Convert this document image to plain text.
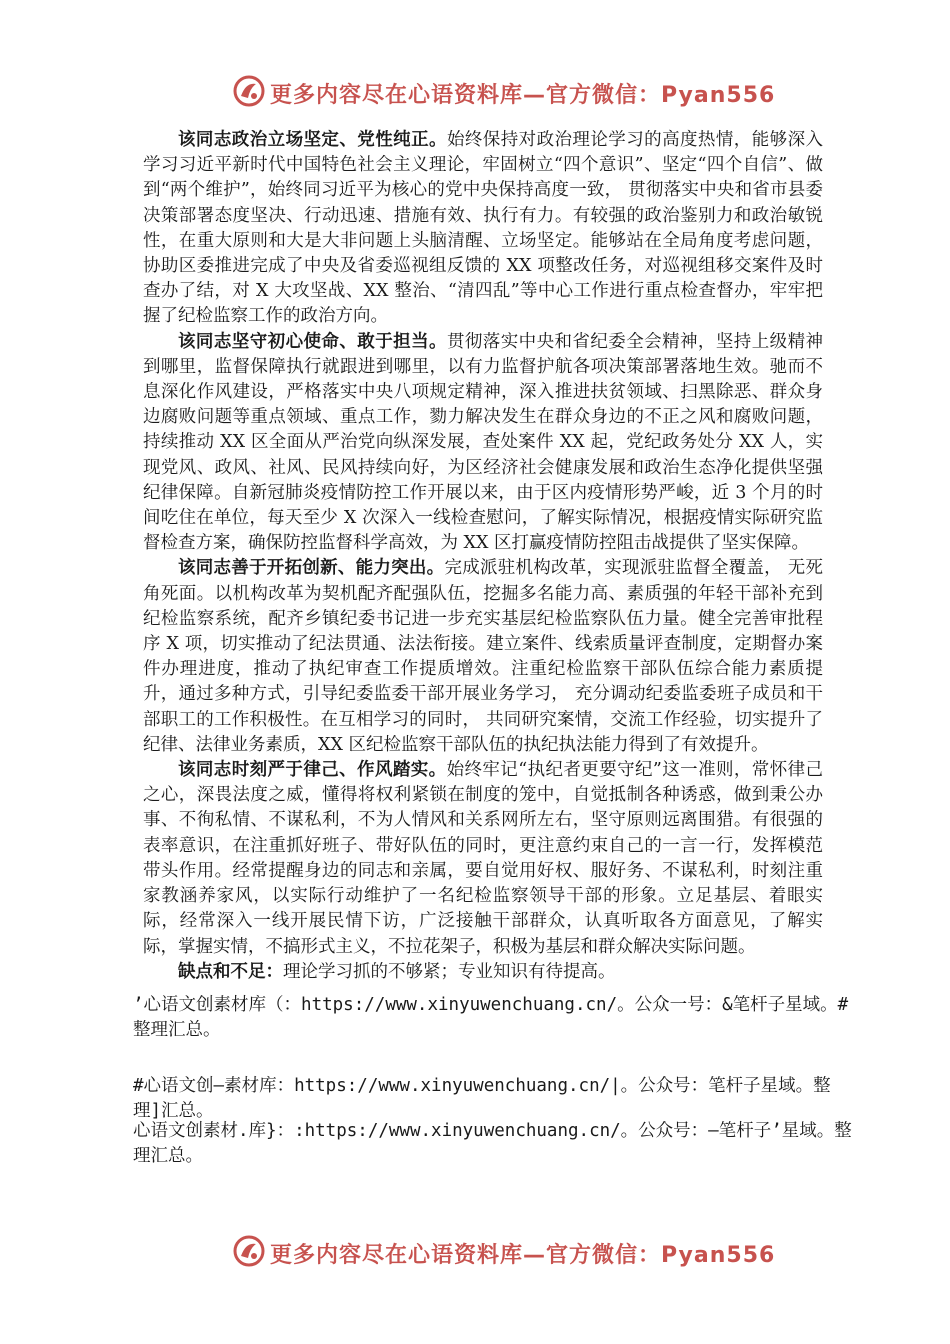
更多内容尽在心语资料库—官方微信：Pyan556

该同志政治立场坚定、党性纯正。始终保持对政治理论学习的高度热情，能够深入学习习近平新时代中国特色社会主义理论，牢固树立“四个意识”、坚定“四个自信”、做到“两个维护”，始终同习近平为核心的党中央保持高度一致， 贯彻落实中央和省市县委决策部署态度坚决、行动迅速、措施有效、执行有力。有较强的政治鉴别力和政治敏锐性，在重大原则和大是大非问题上头脑清醒、立场坚定。能够站在全局角度考虑问题，协助区委推进完成了中央及省委巡视组反馈的 XX 项整改任务，对巡视组移交案件及时查办了结，对 X 大攻坚战、XX 整治、“清四乱”等中心工作进行重点检查督办，牢牢把握了纪检监察工作的政治方向。

该同志坚守初心使命、敢于担当。贯彻落实中央和省纪委全会精神，坚持上级精神到哪里，监督保障执行就跟进到哪里，以有力监督护航各项决策部署落地生效。驰而不息深化作风建设，严格落实中央八项规定精神，深入推进扶贫领域、扫黑除恶、群众身边腐败问题等重点领域、重点工作，勠力解决发生在群众身边的不正之风和腐败问题，持续推动 XX 区全面从严治党向纵深发展，查处案件 XX 起，党纪政务处分 XX 人，实现党风、政风、社风、民风持续向好，为区经济社会健康发展和政治生态净化提供坚强纪律保障。自新冠肺炎疫情防控工作开展以来，由于区内疫情形势严峻，近 3 个月的时间吃住在单位，每天至少 X 次深入一线检查慰问，了解实际情况，根据疫情实际研究监督检查方案，确保防控监督科学高效，为 XX 区打赢疫情防控阻击战提供了坚实保障。

该同志善于开拓创新、能力突出。完成派驻机构改革，实现派驻监督全覆盖， 无死角死面。以机构改革为契机配齐配强队伍，挖掘多名能力高、素质强的年轻干部补充到纪检监察系统，配齐乡镇纪委书记进一步充实基层纪检监察队伍力量。健全完善审批程序 X 项，切实推动了纪法贯通、法法衔接。建立案件、线索质量评查制度，定期督办案件办理进度，推动了执纪审查工作提质增效。注重纪检监察干部队伍综合能力素质提升，通过多种方式，引导纪委监委干部开展业务学习， 充分调动纪委监委班子成员和干部职工的工作积极性。在互相学习的同时， 共同研究案情，交流工作经验，切实提升了纪律、法律业务素质，XX 区纪检监察干部队伍的执纪执法能力得到了有效提升。

该同志时刻严于律己、作风踏实。始终牢记“执纪者更要守纪”这一准则，常怀律己之心，深畏法度之威，懂得将权利紧锁在制度的笼中，自觉抵制各种诱惑，做到秉公办事、不徇私情、不谋私利，不为人情风和关系网所左右，坚守原则远离围猎。有很强的表率意识，在注重抓好班子、带好队伍的同时，更注意约束自己的一言一行，发挥模范带头作用。经常提醒身边的同志和亲属，要自觉用好权、服好务、不谋私利，时刻注重家教涵养家风，以实际行动维护了一名纪检监察领导干部的形象。立足基层、着眼实际，经常深入一线开展民情下访，广泛接触干部群众，认真听取各方面意见，了解实际，掌握实情，不搞形式主义，不拉花架子，积极为基层和群众解决实际问题。

缺点和不足：理论学习抓的不够紧；专业知识有待提高。

’心语文创素材库（：https://www.xinyuwenchuang.cn/。公众一号：&笔杆子星域。#整理汇总。

#心语文创—素材库：https://www.xinyuwenchuang.cn/|。公众号：笔杆子星域。整理]汇总。

心语文创素材.库}：:https://www.xinyuwenchuang.cn/。公众号：—笔杆子’星域。整理汇总。

更多内容尽在心语资料库—官方微信：Pyan556
